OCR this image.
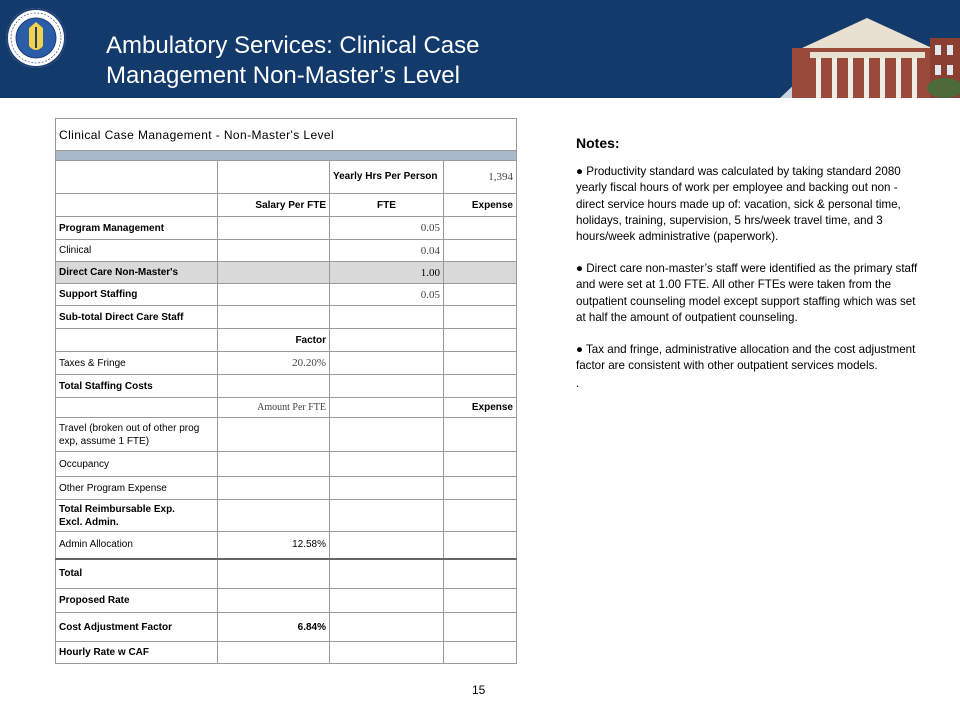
Ambulatory Services: Clinical Case
Management Non-Master’s Level
Clinical Case Management - Non-Master's Level			

		Yearly Hrs Per Person	1,394
	Salary Per FTE	FTE	Expense
Program Management		0.05	
Clinical		0.04	
Direct Care Non-Master's		1.00	
Support Staffing		0.05	
Sub-total Direct Care Staff			
	Factor		
Taxes & Fringe	20.20%		
Total Staffing Costs			
	Amount Per FTE		Expense

Travel (broken out of other prog
exp, assume 1 FTE)			

Occupancy			
Other Program Expense			

Total Reimbursable Exp.
Excl. Admin.			

Admin Allocation	12.58%		
Total			
Proposed Rate			
Cost Adjustment Factor	6.84%		
Hourly Rate w CAF			
Notes:

● Productivity standard was calculated by taking standard 2080 yearly fiscal hours of work per employee and backing out non -direct service hours made up of: vacation, sick & personal time, holidays, training, supervision, 5 hrs/week travel time, and 3 hours/week administrative (paperwork).

● Direct care non-master’s staff were identified as the primary staff and were set at 1.00 FTE. All other FTEs were taken from the outpatient counseling model except support staffing which was set at half the amount of outpatient counseling.

● Tax and fringe, administrative allocation and the cost adjustment factor are consistent with other outpatient services models.

.

15
